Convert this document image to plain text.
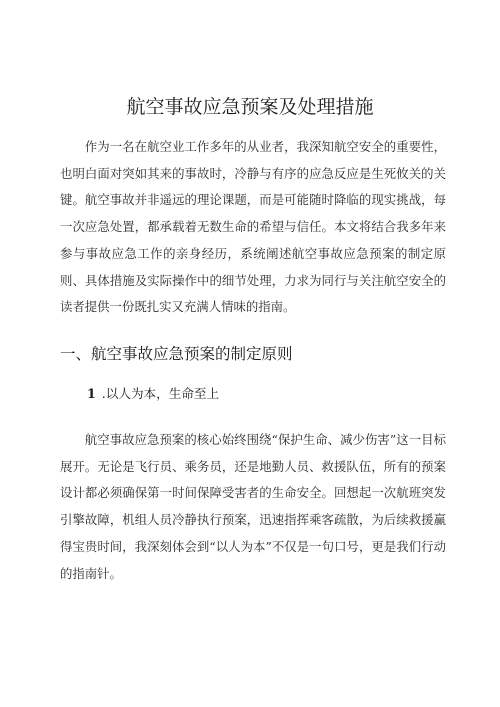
航空事故应急预案及处理措施

作为一名在航空业工作多年的从业者，我深知航空安全的重要性，也明白面对突如其来的事故时，冷静与有序的应急反应是生死攸关的关键。航空事故并非遥远的理论课题，而是可能随时降临的现实挑战，每一次应急处置，都承载着无数生命的希望与信任。本文将结合我多年来参与事故应急工作的亲身经历，系统阐述航空事故应急预案的制定原则、具体措施及实际操作中的细节处理，力求为同行与关注航空安全的读者提供一份既扎实又充满人情味的指南。

一、航空事故应急预案的制定原则
1 .以人为本，生命至上

航空事故应急预案的核心始终围绕“保护生命、减少伤害”这一目标展开。无论是飞行员、乘务员，还是地勤人员、救援队伍，所有的预案设计都必须确保第一时间保障受害者的生命安全。回想起一次航班突发引擎故障，机组人员冷静执行预案，迅速指挥乘客疏散，为后续救援赢得宝贵时间，我深刻体会到“以人为本”不仅是一句口号，更是我们行动的指南针。
